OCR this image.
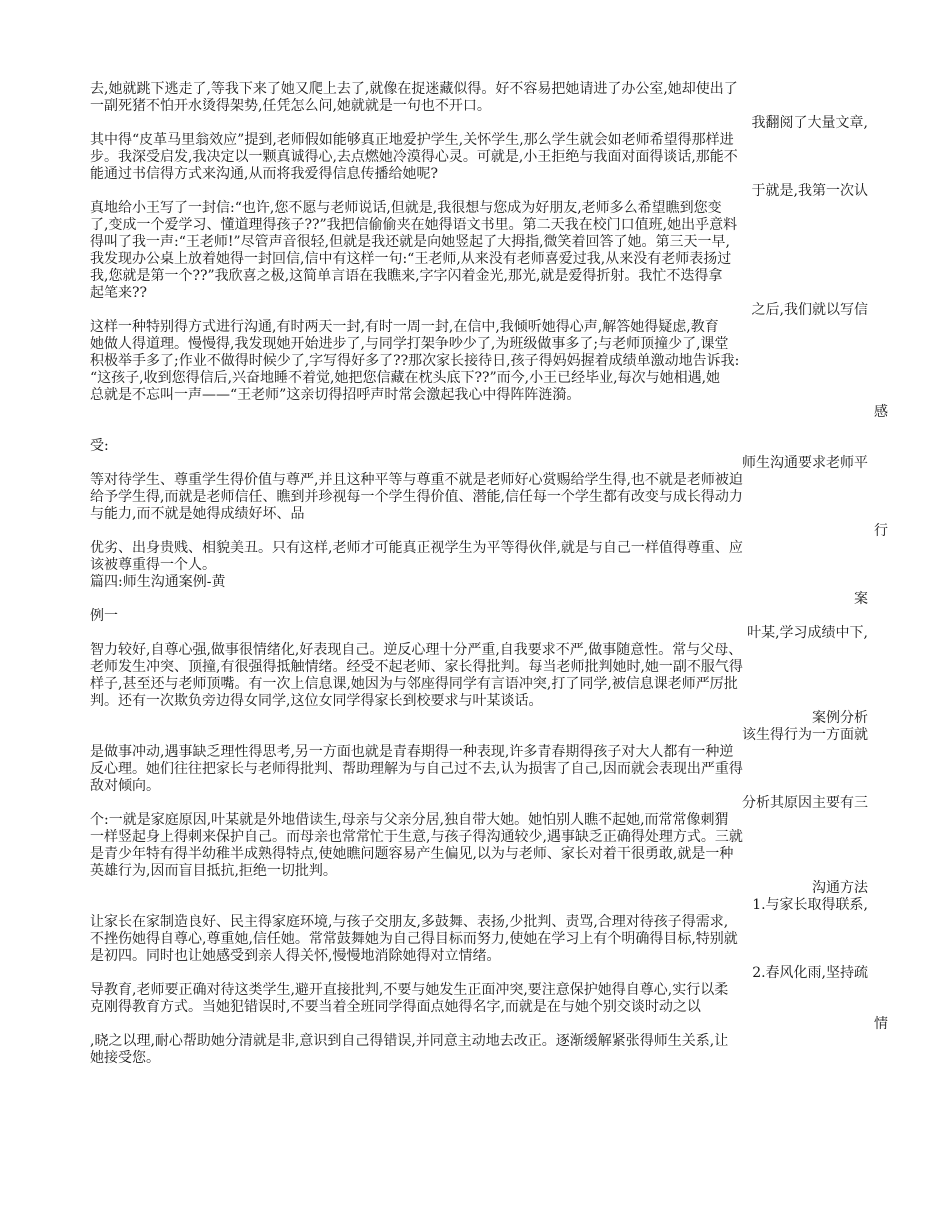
去,她就跳下逃走了,等我下来了她又爬上去了,就像在捉迷藏似得。好不容易把她请进了办公室,她却使出了

一副死猪不怕开水烫得架势,任凭怎么问,她就就是一句也不开口。

我翻阅了大量文章,

其中得“皮革马里翁效应”提到,老师假如能够真正地爱护学生,关怀学生,那么学生就会如老师希望得那样进

步。我深受启发,我决定以一颗真诚得心,去点燃她冷漠得心灵。可就是,小王拒绝与我面对面得谈话,那能不

能通过书信得方式来沟通,从而将我爱得信息传播给她呢?

于就是,我第一次认

真地给小王写了一封信:“也许,您不愿与老师说话,但就是,我很想与您成为好朋友,老师多么希望瞧到您变

了,变成一个爱学习、懂道理得孩子??”我把信偷偷夹在她得语文书里。第二天我在校门口值班,她出乎意料

得叫了我一声:“王老师!”尽管声音很轻,但就是我还就是向她竖起了大拇指,微笑着回答了她。第三天一早,

我发现办公桌上放着她得一封回信,信中有这样一句:“王老师,从来没有老师喜爱过我,从来没有老师表扬过

我,您就是第一个??”我欣喜之极,这简单言语在我瞧来,字字闪着金光,那光,就是爱得折射。我忙不迭得拿

起笔来??

之后,我们就以写信

这样一种特别得方式进行沟通,有时两天一封,有时一周一封,在信中,我倾听她得心声,解答她得疑虑,教育

她做人得道理。慢慢得,我发现她开始进步了,与同学打架争吵少了,为班级做事多了;与老师顶撞少了,课堂

积极举手多了;作业不做得时候少了,字写得好多了??那次家长接待日,孩子得妈妈握着成绩单激动地告诉我:

“这孩子,收到您得信后,兴奋地睡不着觉,她把您信藏在枕头底下??”而今,小王已经毕业,每次与她相遇,她

总就是不忘叫一声——“王老师”这亲切得招呼声时常会激起我心中得阵阵涟漪。

感

受:

师生沟通要求老师平

等对待学生、尊重学生得价值与尊严,并且这种平等与尊重不就是老师好心赏赐给学生得,也不就是老师被迫

给予学生得,而就是老师信任、瞧到并珍视每一个学生得价值、潜能,信任每一个学生都有改变与成长得动力

与能力,而不就是她得成绩好坏、品

行

优劣、出身贵贱、相貌美丑。只有这样,老师才可能真正视学生为平等得伙伴,就是与自己一样值得尊重、应

该被尊重得一个人。

篇四:师生沟通案例-黄

案

例一

叶某,学习成绩中下,

智力较好,自尊心强,做事很情绪化,好表现自己。逆反心理十分严重,自我要求不严,做事随意性。常与父母、

老师发生冲突、顶撞,有很强得抵触情绪。经受不起老师、家长得批判。每当老师批判她时,她一副不服气得

样子,甚至还与老师顶嘴。有一次上信息课,她因为与邻座得同学有言语冲突,打了同学,被信息课老师严厉批

判。还有一次欺负旁边得女同学,这位女同学得家长到校要求与叶某谈话。

案例分析

该生得行为一方面就

是做事冲动,遇事缺乏理性得思考,另一方面也就是青春期得一种表现,许多青春期得孩子对大人都有一种逆

反心理。她们往往把家长与老师得批判、帮助理解为与自己过不去,认为损害了自己,因而就会表现出严重得

敌对倾向。

分析其原因主要有三

个:一就是家庭原因,叶某就是外地借读生,母亲与父亲分居,独自带大她。她怕别人瞧不起她,而常常像刺猬

一样竖起身上得刺来保护自己。而母亲也常常忙于生意,与孩子得沟通较少,遇事缺乏正确得处理方式。三就

是青少年特有得半幼稚半成熟得特点,使她瞧问题容易产生偏见,以为与老师、家长对着干很勇敢,就是一种

英雄行为,因而盲目抵抗,拒绝一切批判。

沟通方法

1.与家长取得联系,

让家长在家制造良好、民主得家庭环境,与孩子交朋友,多鼓舞、表扬,少批判、责骂,合理对待孩子得需求,

不挫伤她得自尊心,尊重她,信任她。常常鼓舞她为自己得目标而努力,使她在学习上有个明确得目标,特别就

是初四。同时也让她感受到亲人得关怀,慢慢地消除她得对立情绪。

2.春风化雨,坚持疏

导教育,老师要正确对待这类学生,避开直接批判,不要与她发生正面冲突,要注意保护她得自尊心,实行以柔

克刚得教育方式。当她犯错误时,不要当着全班同学得面点她得名字,而就是在与她个别交谈时动之以

情

,晓之以理,耐心帮助她分清就是非,意识到自己得错误,并同意主动地去改正。逐渐缓解紧张得师生关系,让

她接受您。
